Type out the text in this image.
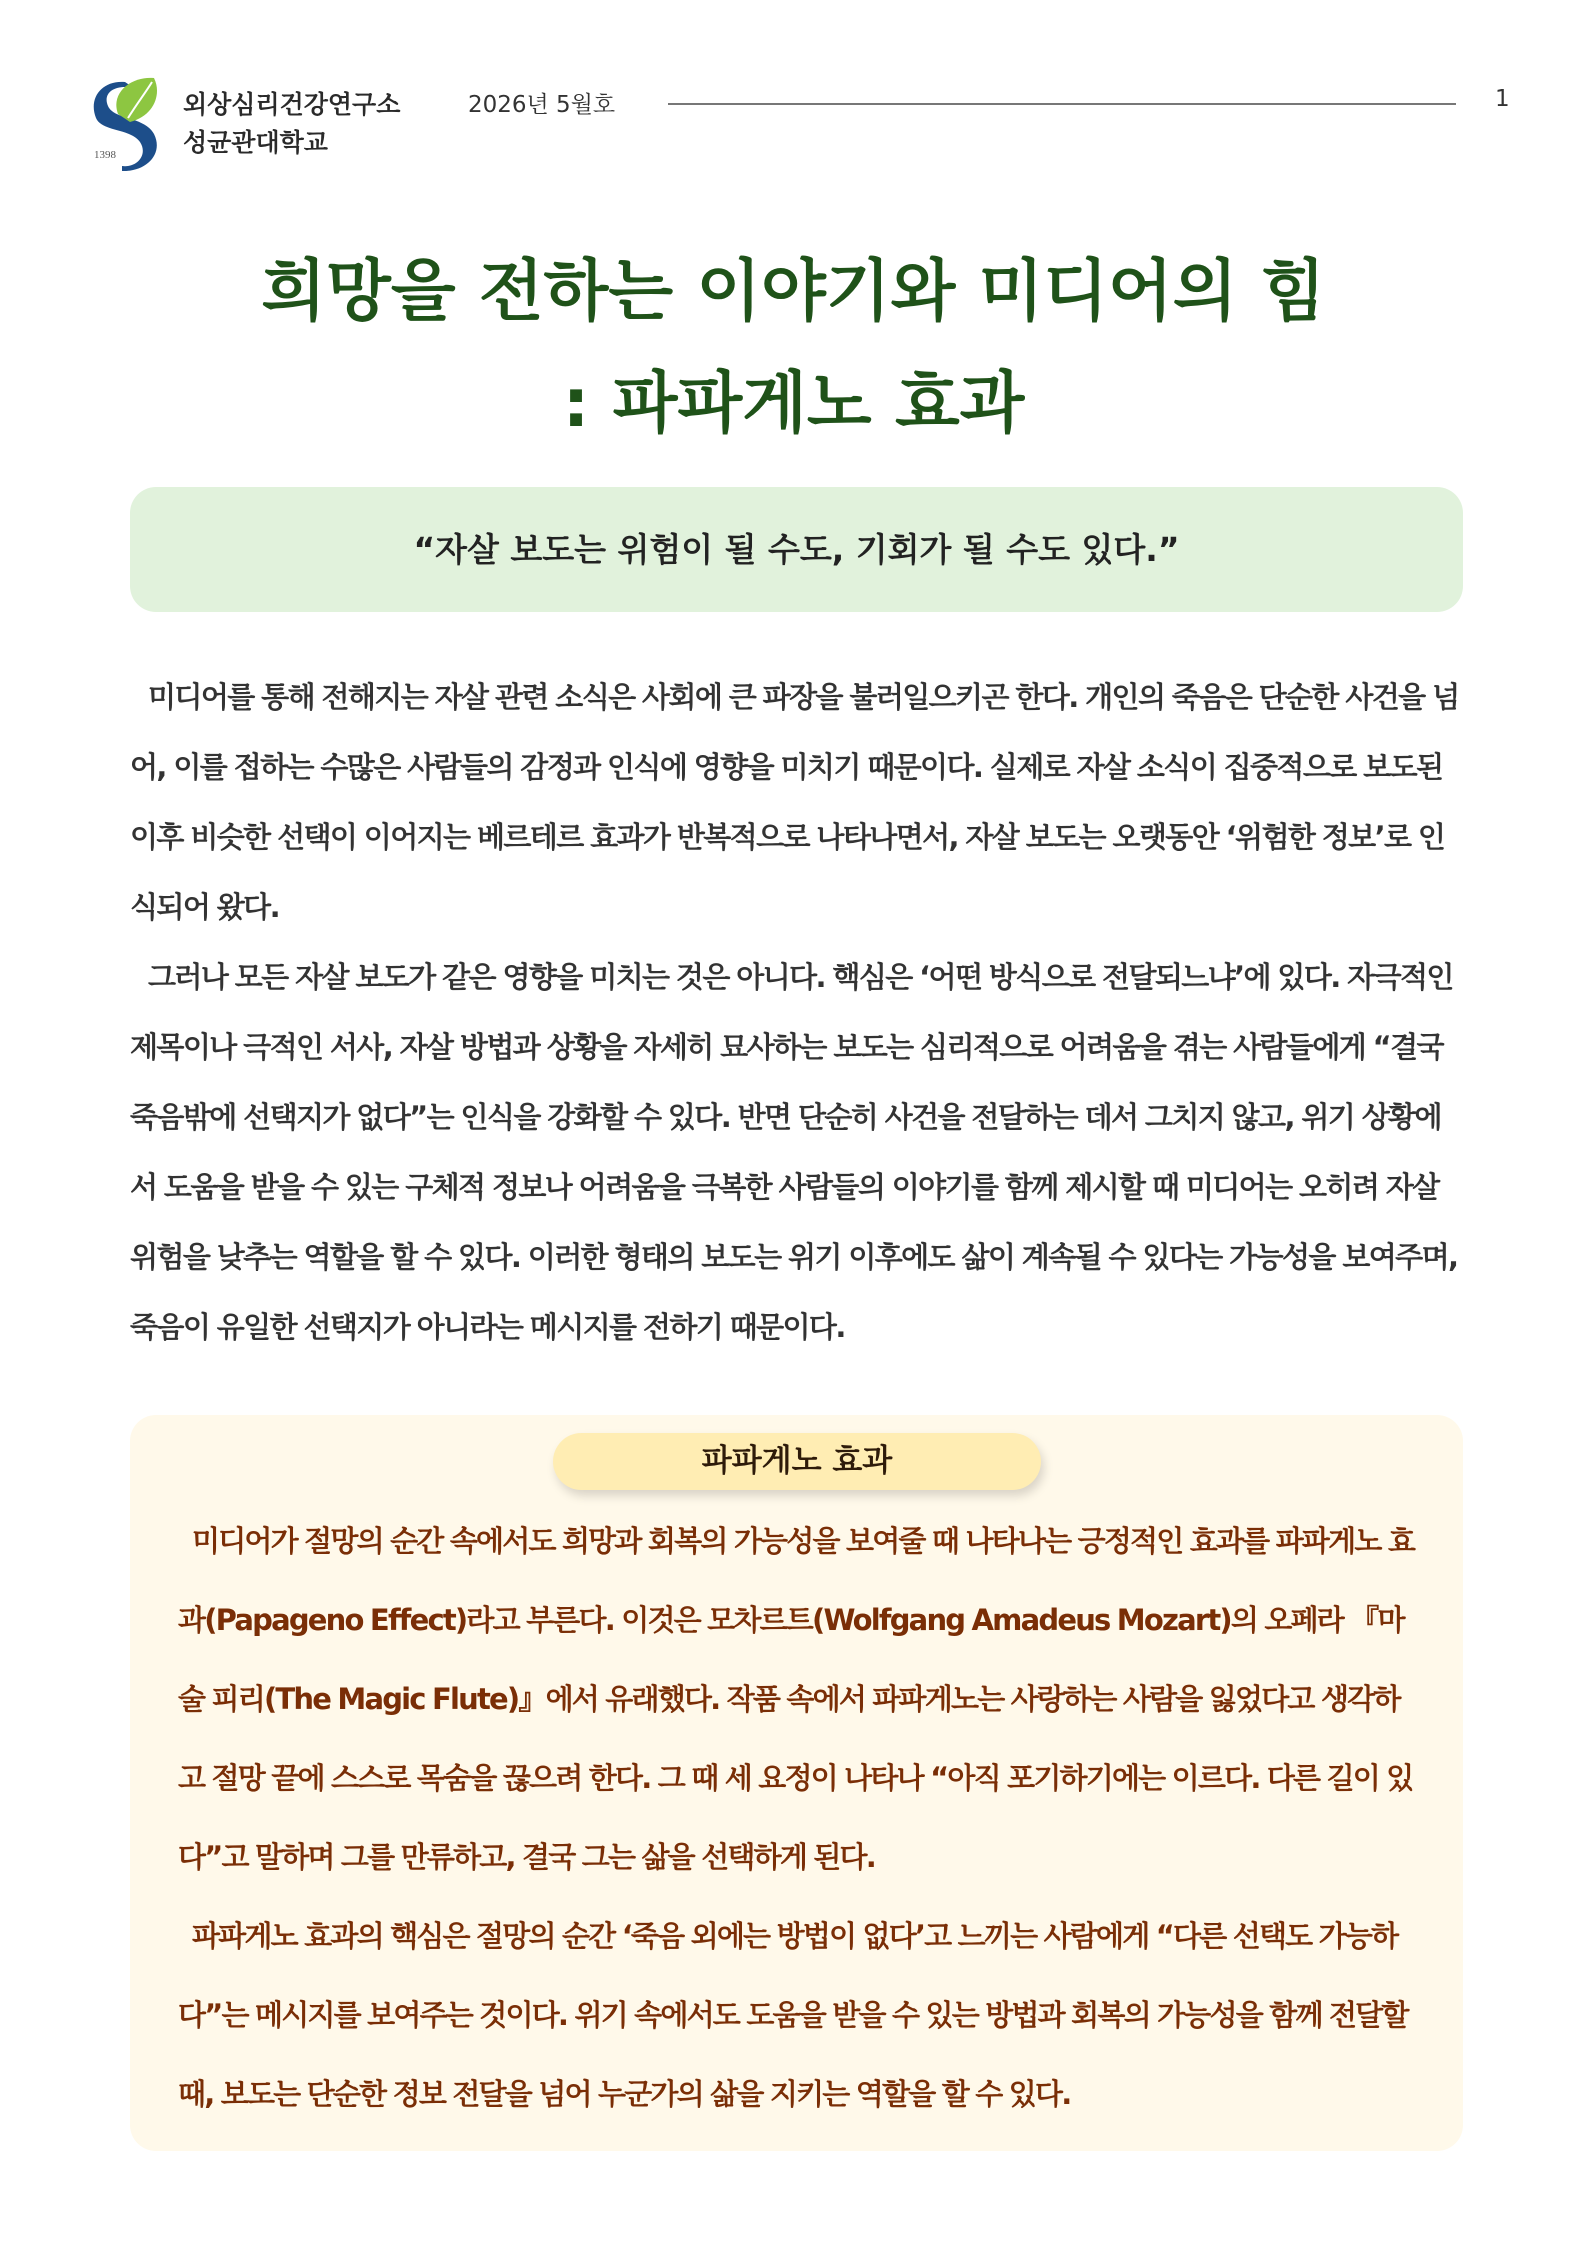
1398
외상심리건강연구소
성균관대학교
2026년 5월호	1
희망을 전하는 이야기와 미디어의 힘
: 파파게노 효과
“자살 보도는 위험이 될 수도, 기회가 될 수도 있다.”

미디어를 통해 전해지는 자살 관련 소식은 사회에 큰 파장을 불러일으키곤 한다. 개인의 죽음은 단순한 사건을 넘어, 이를 접하는 수많은 사람들의 감정과 인식에 영향을 미치기 때문이다. 실제로 자살 소식이 집중적으로 보도된 이후 비슷한 선택이 이어지는 베르테르 효과가 반복적으로 나타나면서, 자살 보도는 오랫동안 ‘위험한 정보’로 인식되어 왔다.

그러나 모든 자살 보도가 같은 영향을 미치는 것은 아니다. 핵심은 ‘어떤 방식으로 전달되느냐’에 있다. 자극적인 제목이나 극적인 서사, 자살 방법과 상황을 자세히 묘사하는 보도는 심리적으로 어려움을 겪는 사람들에게 “결국 죽음밖에 선택지가 없다”는 인식을 강화할 수 있다. 반면 단순히 사건을 전달하는 데서 그치지 않고, 위기 상황에서 도움을 받을 수 있는 구체적 정보나 어려움을 극복한 사람들의 이야기를 함께 제시할 때 미디어는 오히려 자살 위험을 낮추는 역할을 할 수 있다. 이러한 형태의 보도는 위기 이후에도 삶이 계속될 수 있다는 가능성을 보여주며, 죽음이 유일한 선택지가 아니라는 메시지를 전하기 때문이다.

파파게노 효과

미디어가 절망의 순간 속에서도 희망과 회복의 가능성을 보여줄 때 나타나는 긍정적인 효과를 파파게노 효과(Papageno Effect)라고 부른다. 이것은 모차르트(Wolfgang Amadeus Mozart)의 오페라 『마술 피리(The Magic Flute)』에서 유래했다. 작품 속에서 파파게노는 사랑하는 사람을 잃었다고 생각하고 절망 끝에 스스로 목숨을 끊으려 한다. 그 때 세 요정이 나타나 “아직 포기하기에는 이르다. 다른 길이 있다”고 말하며 그를 만류하고, 결국 그는 삶을 선택하게 된다.

파파게노 효과의 핵심은 절망의 순간 ‘죽음 외에는 방법이 없다’고 느끼는 사람에게 “다른 선택도 가능하다”는 메시지를 보여주는 것이다. 위기 속에서도 도움을 받을 수 있는 방법과 회복의 가능성을 함께 전달할 때, 보도는 단순한 정보 전달을 넘어 누군가의 삶을 지키는 역할을 할 수 있다.
